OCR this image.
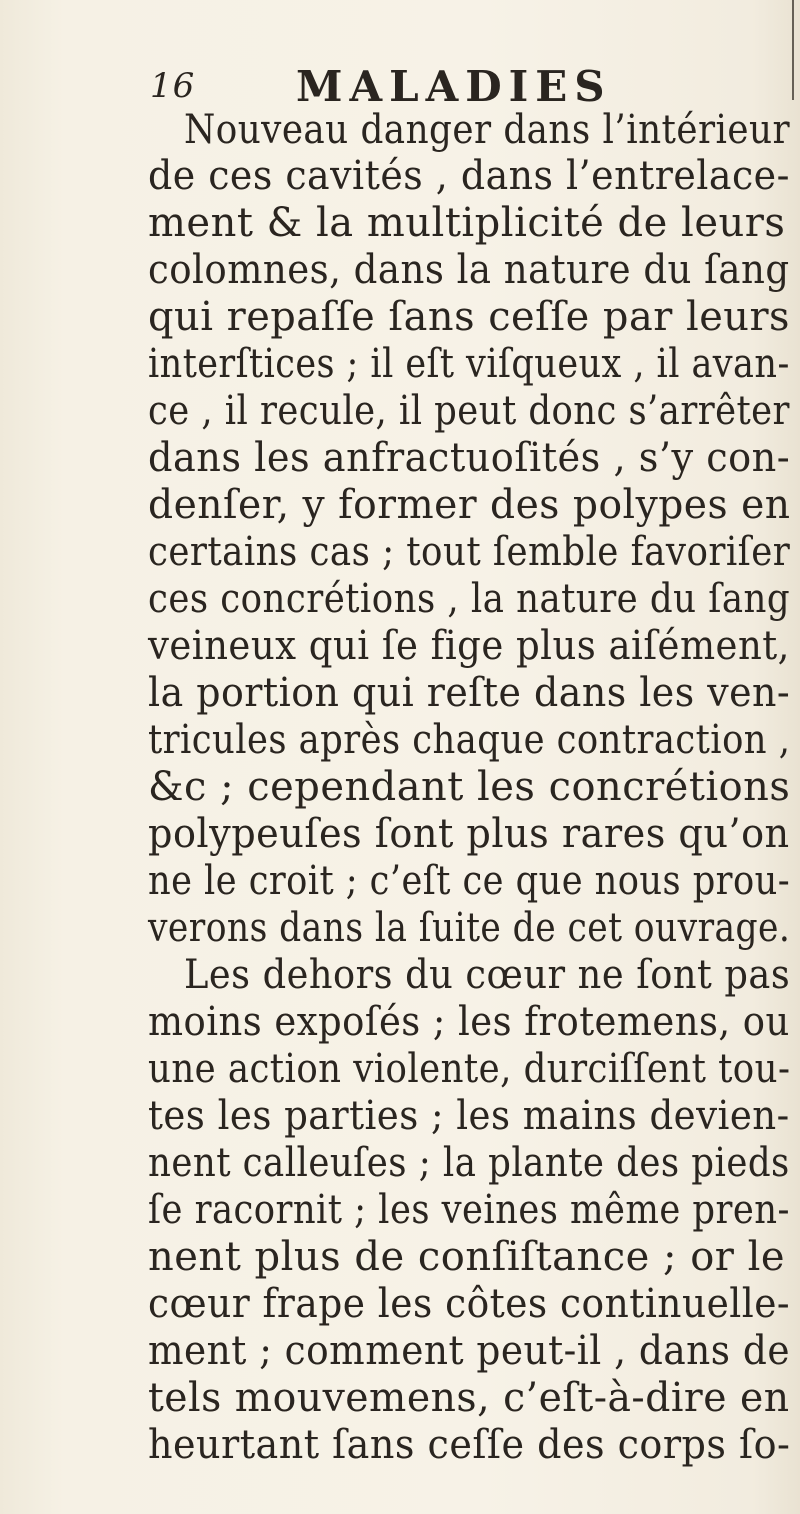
16 MALADIES
Nouveau danger dans l’intérieur
de ces cavités , dans l’entrelace-
ment & la multiplicité de leurs
colomnes, dans la nature du ſang
qui repaſſe ſans ceſſe par leurs
interſtices ; il eſt viſqueux , il avan-
ce , il recule, il peut donc s’arrêter
dans les anfractuoſités , s’y con-
denſer, y former des polypes en
certains cas ; tout ſemble favoriſer
ces concrétions , la nature du ſang
veineux qui ſe fige plus aiſément,
la portion qui reſte dans les ven-
tricules après chaque contraction ,
&c ; cependant les concrétions
polypeuſes ſont plus rares qu’on
ne le croit ; c’eſt ce que nous prou-
verons dans la ſuite de cet ouvrage.
Les dehors du cœur ne ſont pas
moins expoſés ; les frotemens, ou
une action violente, durciſſent tou-
tes les parties ; les mains devien-
nent calleuſes ; la plante des pieds
ſe racornit ; les veines même pren-
nent plus de conſiſtance ; or le
cœur frape les côtes continuelle-
ment ; comment peut-il , dans de
tels mouvemens, c’eſt-à-dire en
heurtant ſans ceſſe des corps ſo-
